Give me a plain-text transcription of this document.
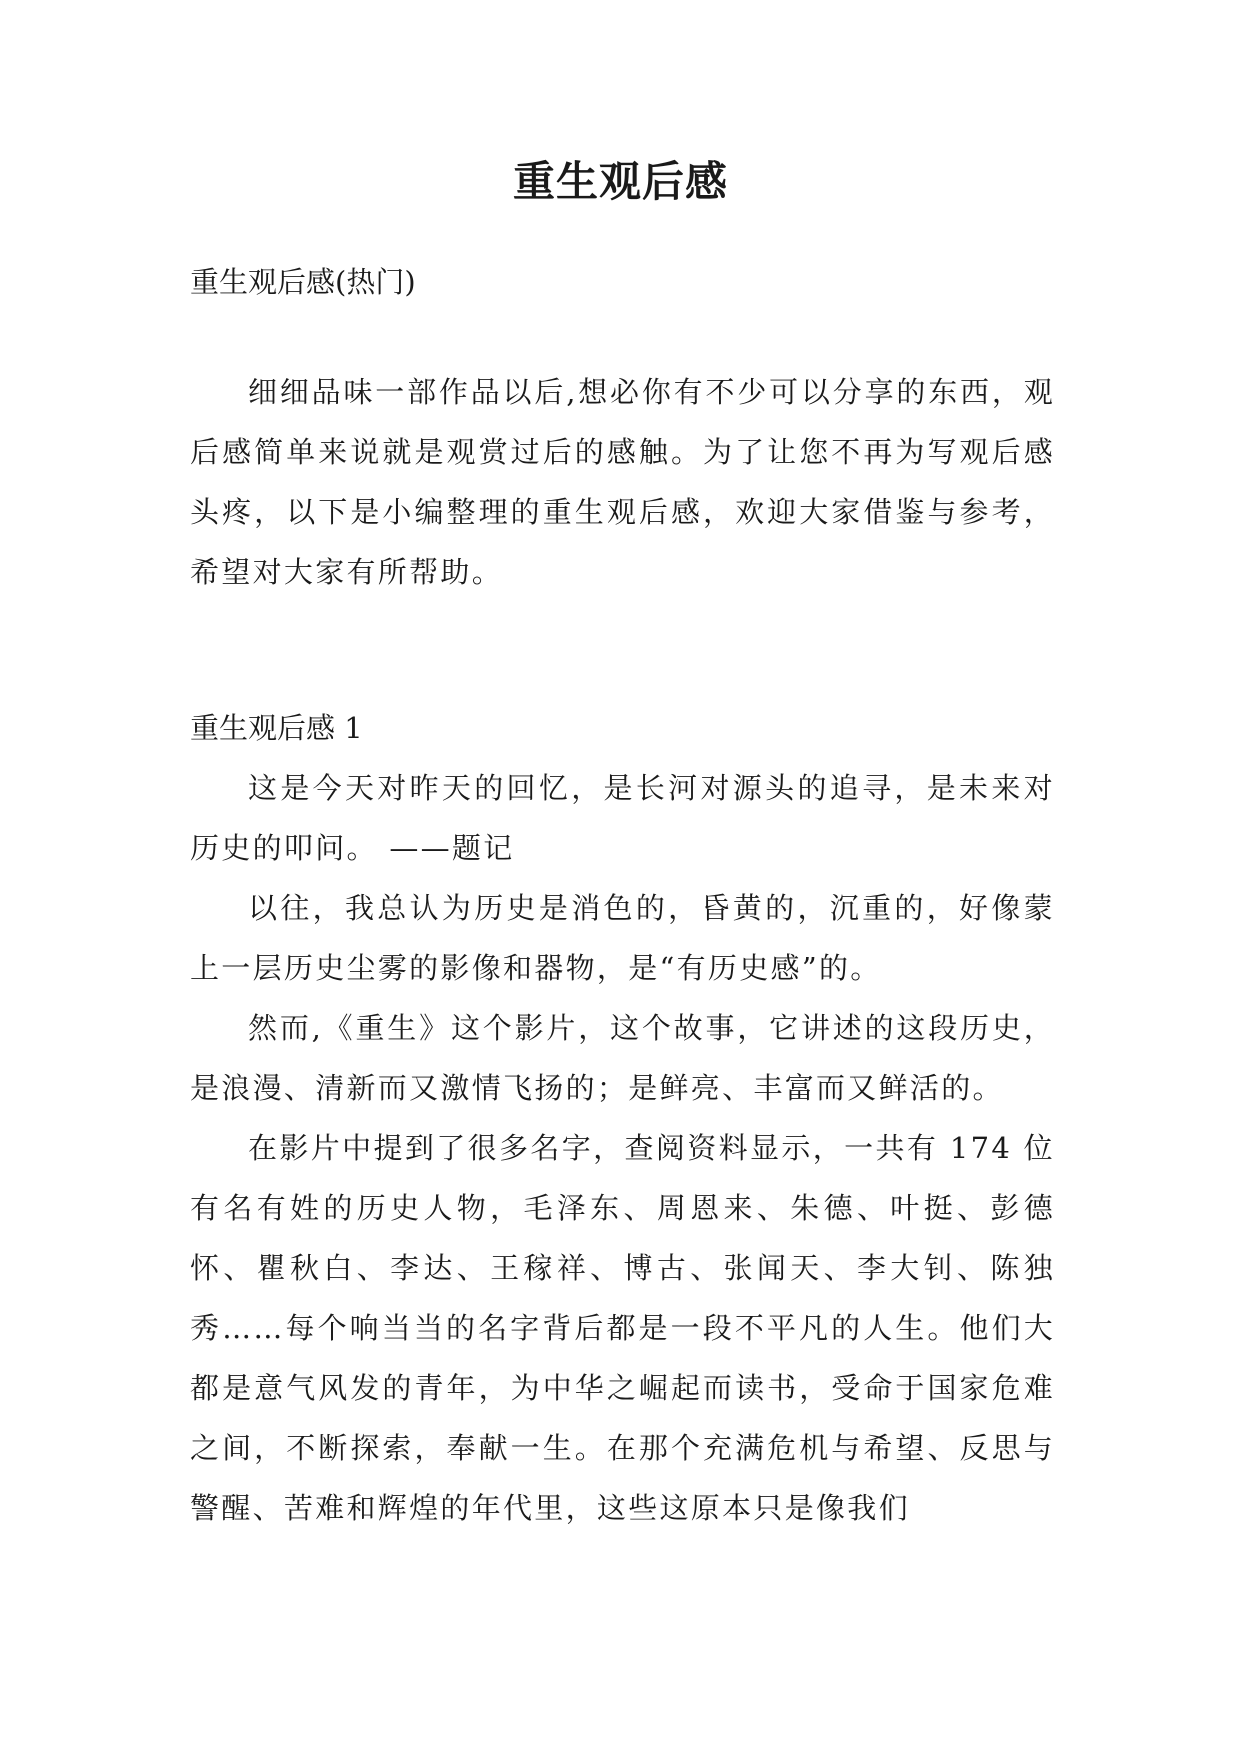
重生观后感

重生观后感(热门)

细细品味一部作品以后,想必你有不少可以分享的东西，观后感简单来说就是观赏过后的感触。为了让您不再为写观后感头疼，以下是小编整理的重生观后感，欢迎大家借鉴与参考，希望对大家有所帮助。

重生观后感 1

这是今天对昨天的回忆，是长河对源头的追寻，是未来对历史的叩问。 ——题记

以往，我总认为历史是消色的，昏黄的，沉重的，好像蒙上一层历史尘雾的影像和器物，是“有历史感”的。

然而,《重生》这个影片，这个故事，它讲述的这段历史，是浪漫、清新而又激情飞扬的；是鲜亮、丰富而又鲜活的。

在影片中提到了很多名字，查阅资料显示，一共有 174 位有名有姓的历史人物，毛泽东、周恩来、朱德、叶挺、彭德怀、瞿秋白、李达、王稼祥、博古、张闻天、李大钊、陈独秀……每个响当当的名字背后都是一段不平凡的人生。他们大都是意气风发的青年，为中华之崛起而读书，受命于国家危难之间，不断探索，奉献一生。在那个充满危机与希望、反思与警醒、苦难和辉煌的年代里，这些这原本只是像我们
